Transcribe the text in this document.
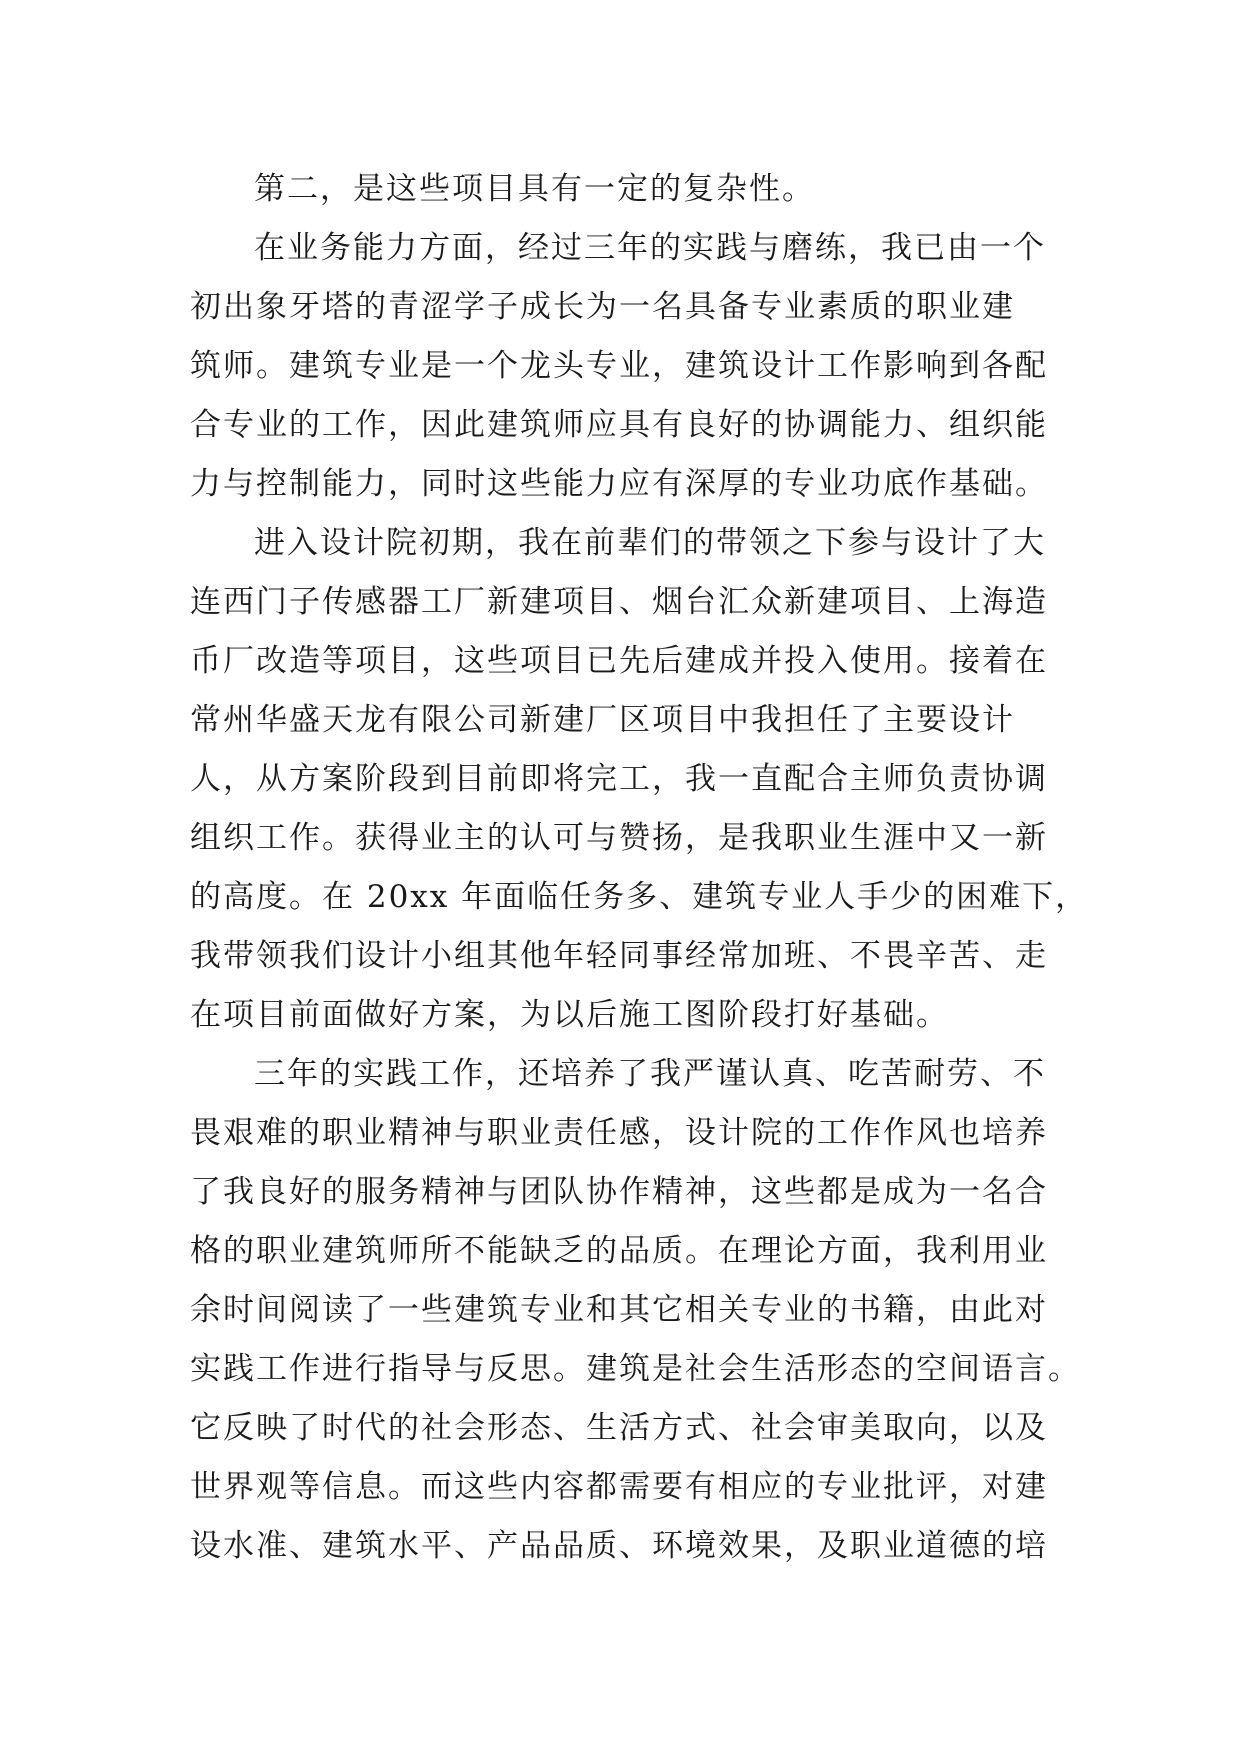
第二，是这些项目具有一定的复杂性。
在业务能力方面，经过三年的实践与磨练，我已由一个
初出象牙塔的青涩学子成长为一名具备专业素质的职业建
筑师。建筑专业是一个龙头专业，建筑设计工作影响到各配
合专业的工作，因此建筑师应具有良好的协调能力、组织能
力与控制能力，同时这些能力应有深厚的专业功底作基础。
进入设计院初期，我在前辈们的带领之下参与设计了大
连西门子传感器工厂新建项目、烟台汇众新建项目、上海造
币厂改造等项目，这些项目已先后建成并投入使用。接着在
常州华盛天龙有限公司新建厂区项目中我担任了主要设计
人，从方案阶段到目前即将完工，我一直配合主师负责协调
组织工作。获得业主的认可与赞扬，是我职业生涯中又一新
的高度。在 20xx 年面临任务多、建筑专业人手少的困难下，
我带领我们设计小组其他年轻同事经常加班、不畏辛苦、走
在项目前面做好方案，为以后施工图阶段打好基础。
三年的实践工作，还培养了我严谨认真、吃苦耐劳、不
畏艰难的职业精神与职业责任感，设计院的工作作风也培养
了我良好的服务精神与团队协作精神，这些都是成为一名合
格的职业建筑师所不能缺乏的品质。在理论方面，我利用业
余时间阅读了一些建筑专业和其它相关专业的书籍，由此对
实践工作进行指导与反思。建筑是社会生活形态的空间语言。
它反映了时代的社会形态、生活方式、社会审美取向，以及
世界观等信息。而这些内容都需要有相应的专业批评，对建
设水准、建筑水平、产品品质、环境效果，及职业道德的培
